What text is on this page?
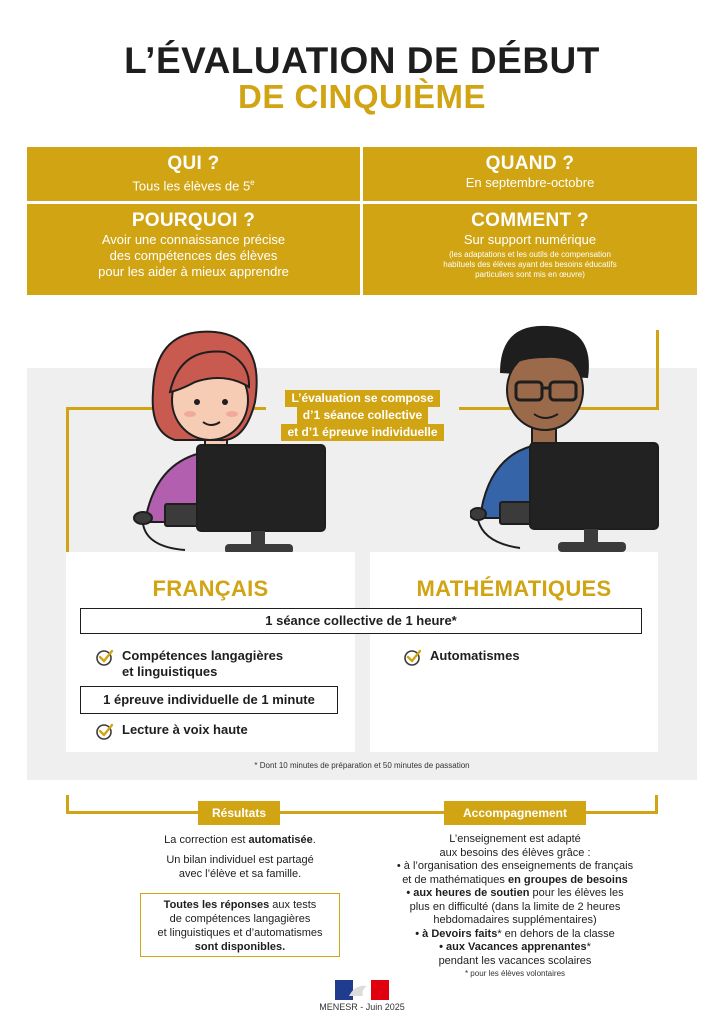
L’ÉVALUATION DE DÉBUT
DE CINQUIÈME
QUI ?
Tous les élèves de 5e
QUAND ?
En septembre-octobre
POURQUOI ?
Avoir une connaissance précise
des compétences des élèves
pour les aider à mieux apprendre
COMMENT ?
Sur support numérique
(les adaptations et les outils de compensation
habituels des élèves ayant des besoins éducatifs
particuliers sont mis en œuvre)
L’évaluation se compose
d’1 séance collective
et d’1 épreuve individuelle
FRANÇAIS	MATHÉMATIQUES
1 séance collective de 1 heure*
Compétences langagières
et linguistiques
1 épreuve individuelle de 1 minute
Lecture à voix haute
Automatismes
* Dont 10 minutes de préparation et 50 minutes de passation
Résultats
La correction est automatisée.
Un bilan individuel est partagé
avec l’élève et sa famille.
Toutes les réponses aux tests
de compétences langagières
et linguistiques et d’automatismes
sont disponibles.
Accompagnement
L’enseignement est adapté
aux besoins des élèves grâce :
• à l’organisation des enseignements de français
et de mathématiques en groupes de besoins
• aux heures de soutien pour les élèves les
plus en difficulté (dans la limite de 2 heures
hebdomadaires supplémentaires)
• à Devoirs faits* en dehors de la classe
• aux Vacances apprenantes*
pendant les vacances scolaires
* pour les élèves volontaires
MENESR - Juin 2025
